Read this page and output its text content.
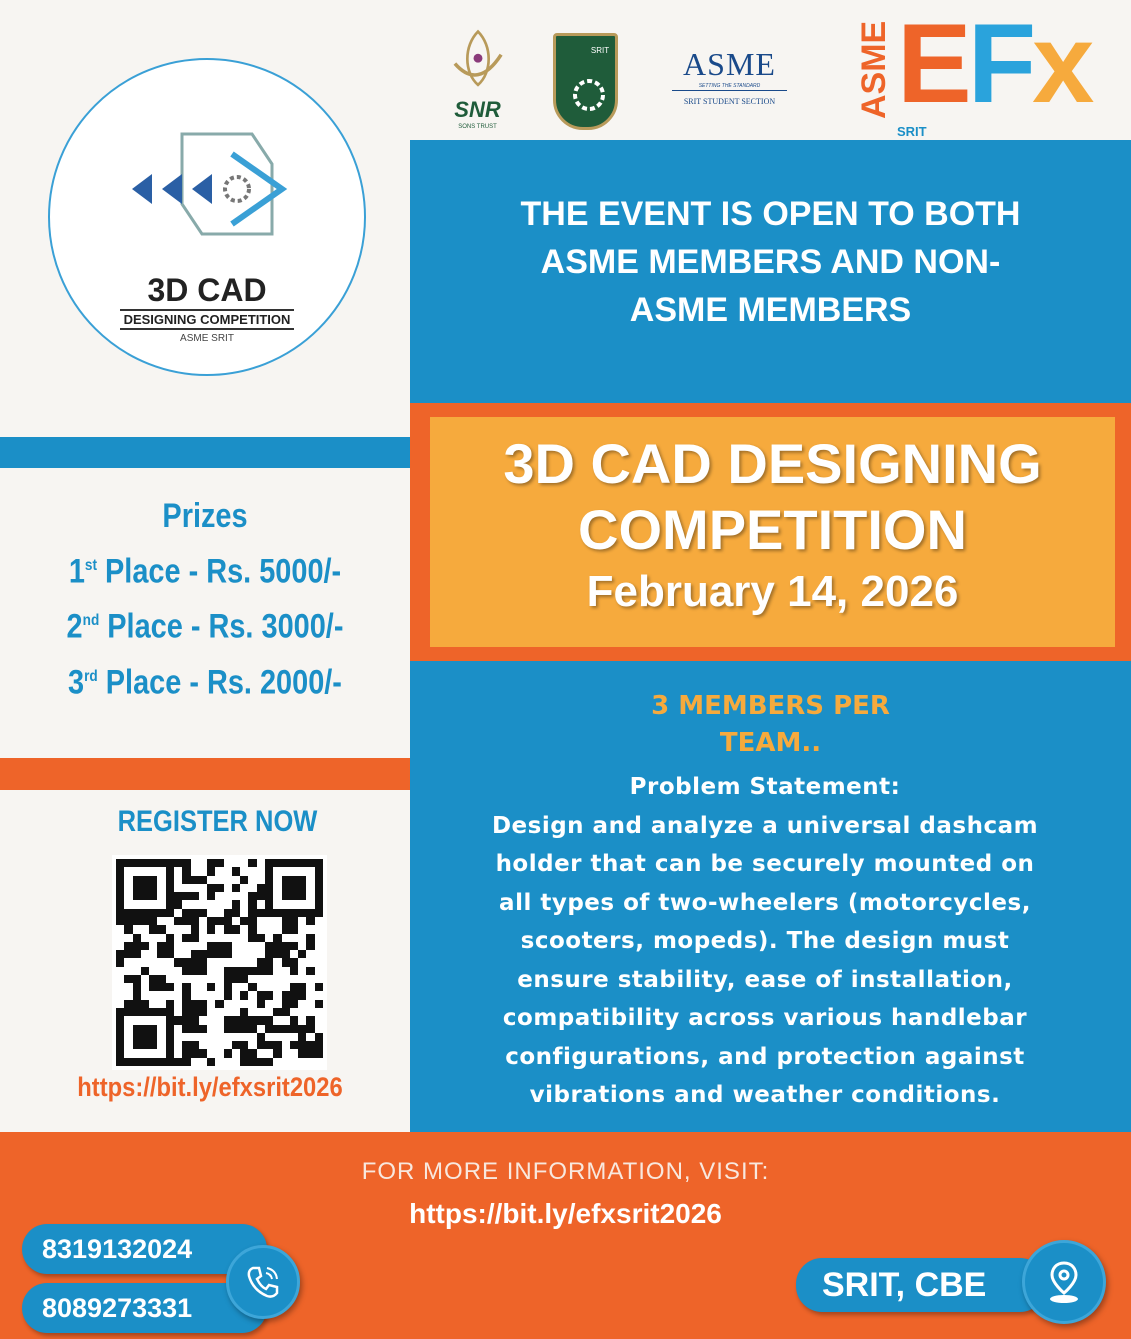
SNR
SONS TRUST
SRIT	ASME
SETTING THE STANDARD
SRIT STUDENT SECTION	ASME EFx
SRIT
3D CAD
DESIGNING COMPETITION
ASME SRIT
THE EVENT IS OPEN TO BOTH
ASME MEMBERS AND NON-
ASME MEMBERS
3D CAD DESIGNING
COMPETITION
February 14, 2026
Prizes
1st Place - Rs. 5000/-
2nd Place - Rs. 3000/-
3rd Place - Rs. 2000/-
3 MEMBERS PER
TEAM..
Problem Statement:
Design and analyze a universal dashcam
holder that can be securely mounted on
all types of two-wheelers (motorcycles,
scooters, mopeds). The design must
ensure stability, ease of installation,
compatibility across various handlebar
configurations, and protection against
vibrations and weather conditions.
REGISTER NOW
https://bit.ly/efxsrit2026
FOR MORE INFORMATION, VISIT:
https://bit.ly/efxsrit2026
8319132024
8089273331
SRIT, CBE
